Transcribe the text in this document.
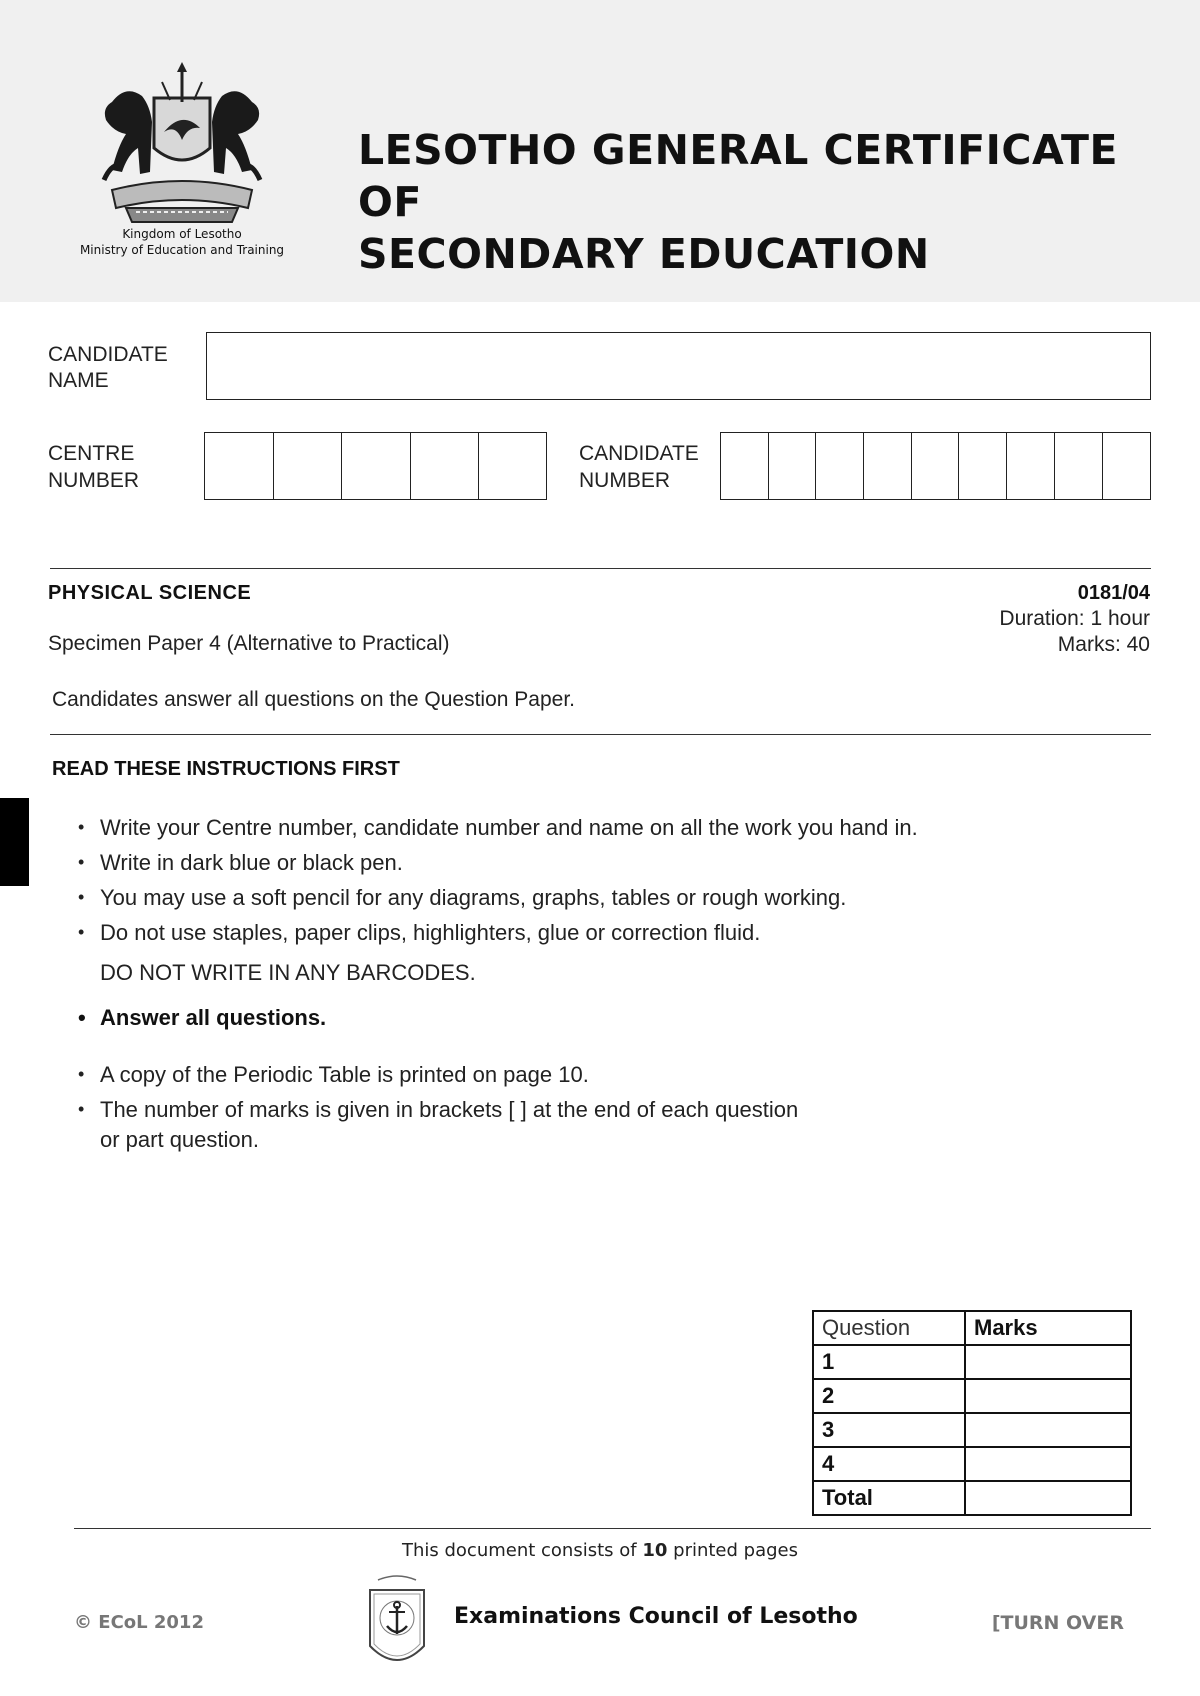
Kingdom of Lesotho
Ministry of Education and Training
LESOTHO GENERAL CERTIFICATE OF
SECONDARY EDUCATION
CANDIDATE
NAME
CENTRE
NUMBER
CANDIDATE
NUMBER
PHYSICAL SCIENCE	0181/04
Duration: 1 hour
Specimen Paper 4 (Alternative to Practical)	Marks: 40
Candidates answer all questions on the Question Paper.
READ THESE INSTRUCTIONS FIRST
• Write your Centre number, candidate number and name on all the work you hand in.
• Write in dark blue or black pen.
• You may use a soft pencil for any diagrams, graphs, tables or rough working.
• Do not use staples, paper clips, highlighters, glue or correction fluid.
DO NOT WRITE IN ANY BARCODES.
• Answer all questions.
• A copy of the Periodic Table is printed on page 10.
• The number of marks is given in brackets [ ] at the end of each question
or part question.
Question	Marks
1	
2	
3	
4	
Total	
This document consists of 10 printed pages
© ECoL 2012	Examinations Council of Lesotho	[TURN OVER
